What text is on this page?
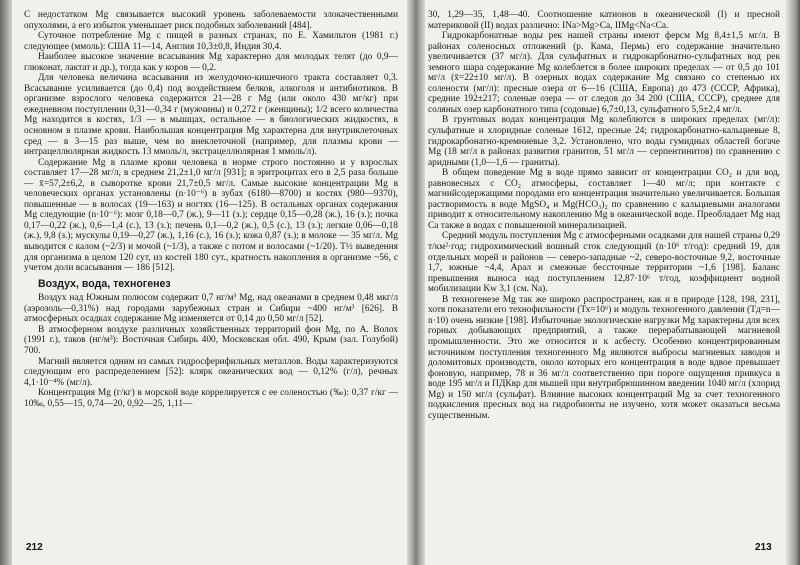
С недостатком Mg связывается высокий уровень заболеваемости злокачественными опухолями, а его избыток уменьшает риск подобных заболеваний [484].

Суточное потребление Mg с пищей в разных странах, по Е. Хамильтон (1981 г.) следующее (ммоль): США 11—14, Англия 10,3±0,8, Индия 30,4.

Наиболее высокое значение всасывания Mg характерно для молодых телят (до 0,9—глюконат, лактат и др.), тогда как у коров — 0,2.

Для человека величина всасывания из желудочно-кишечного тракта составляет 0,3. Всасывание усиливается (до 0,4) под воздействием белков, алкоголя и антибиотиков. В организме взрослого человека содержится 21—28 г Mg (или около 430 мг/кг) при ежедневном поступлении 0,31—0,34 г (мужчины) и 0,272 г (женщины); 1/2 всего количества Mg находится в костях, 1/3 — в мышцах, остальное — в биологических жидкостях, в основном в плазме крови. Наибольшая концентрация Mg характерна для внутриклеточных сред — в 3—15 раз выше, чем во внеклеточной (например, для плазмы крови — интрацеллюлярная жидкость 13 ммоль/л, экстрацеллюлярная 1 ммоль/л).

Содержание Mg в плазме крови человека в норме строго постоянно и у взрослых составляет 17—28 мг/л, в среднем 21,2±1,0 мг/л [931]; в эритроцитах его в 2,5 раза больше — x̄=57,2±6,2, в сыворотке крови 21,7±0,5 мг/л. Самые высокие концентрации Mg в человеческих органах установлены (n·10⁻⁶) в зубах (6180—8700) и костях (980—9370), повышенные — в волосах (19—163) и ногтях (16—125). В остальных органах содержания Mg следующие (n·10⁻⁶): мозг 0,18—0,7 (ж.), 9—11 (з.); сердце 0,15—0,28 (ж.), 16 (з.); почка 0,17—0,22 (ж.), 0,6—1,4 (с.), 13 (з.); печень 0,1—0,2 (ж.), 0,5 (с.), 13 (з.); легкие 0,06—0,18 (ж.), 9,8 (з.); мускулы 0,19—0,27 (ж.), 1,16 (с.), 16 (з.); кожа 0,87 (з.); в молоке — 35 мг/л. Mg выводится с калом (~2/3) и мочой (~1/3), а также с потом и волосами (~1/20). T½ выведения для организма в целом 120 сут, из костей 180 сут., кратность накопления в организме ~56, с учетом доли всасывания — 186 [512].

Воздух, вода, техногенез

Воздух над Южным полюсом содержит 0,7 нг/м³ Mg, над океанами в среднем 0,48 мкг/л (аэрозоль—0,31%) над городами зарубежных стран и Сибири ~400 нг/м³ [626]. В атмосферных осадках содержание Mg изменяется от 0,14 до 0,50 мг/л [52].

В атмосферном воздухе различных хозяйственных территорий фон Mg, по А. Волох (1991 г.), таков (нг/м³): Восточная Сибирь 400, Московская обл. 490, Крым (зал. Голубой) 700.

Магний является одним из самых гидросферифильных металлов. Воды характеризуются следующим его распределением [52]: клярк океанических вод — 0,12% (г/л), речных 4,1·10⁻⁴% (мг/л).

Концентрация Mg (г/кг) в морской воде коррелируется с ее соленостью (‰): 0,37 г/кг — 10‰, 0,55—15, 0,74—20, 0,92—25, 1,11—

212

30, 1,29—35, 1,48—40. Соотношение катионов в океанической (I) и пресной материковой (II) водах различно: INa>Mg>Ca, IIMg<Na<Ca.

Гидрокарбонатные воды рек нашей страны имеют ферсм Mg 8,4±1,5 мг/л. В районах соленосных отложений (р. Кама, Пермь) его содержание значительно увеличивается (37 мг/л). Для сульфатных и гидрокарбонатно-сульфатных вод рек земного шара содержание Mg колеблется в более широких пределах — от 0,5 до 101 мг/л (x̄=22±10 мг/л). В озерных водах содержание Mg связано со степенью их солености (мг/л): пресные озера от 6—16 (США, Европа) до 473 (СССР, Африка), средние 192±217; соленые озера — от следов до 34 200 (США, СССР), среднее для соляных озер карбонатного типа (содовые) 6,7±0,13, сульфатного 5,5±2,4 мг/л.

В грунтовых водах концентрация Mg колеблются в широких пределах (мг/л): сульфатные и хлоридные соленые 1612, пресные 24; гидрокарбонатно-кальциевые 8, гидрокарбонатно-кремниевые 3,2. Установлено, что воды гумидных областей богаче Mg (18 мг/л в районах развития гранитов, 51 мг/л — серпентинитов) по сравнению с аридными (1,0—1,6 — граниты).

В общем поведение Mg в воде прямо зависит от концентрации CO₂ и для вод, равновесных с CO₂ атмосферы, составляет 1—40 мг/л; при контакте с магнийсодержащими породами его концентрация значительно увеличивается. Большая растворимость в воде MgSO₄ и Mg(HCO₃)₂ по сравнению с кальциевыми аналогами приводит к относительному накоплению Mg в океанической воде. Преобладает Mg над Ca также в водах с повышенной минерализацией.

Средний модуль поступления Mg с атмосферными осадками для нашей страны 0,29 т/км²·год; гидрохимический вошный сток следующий (n·10⁶ т/год): средний 19, для отдельных морей и районов — северо-западные ~2, северо-восточные 9,2, восточные 1,7, южные ~4,4, Арал и смежные бессточные территории ~1,6 [198]. Баланс превышения выноса над поступлением 12,87·10⁶ т/год, коэффициент водной мобилизации Kw 3,1 (см. Na).

В техногенезе Mg так же широко распространен, как и в природе [128, 198, 231], хотя показатели его технофильности (Тх=10⁶) и модуль техногенного давления (Тд=n—n·10) очень низкие [198]. Избыточные экологические нагрузки Mg характерны для всех горных добывающих предприятий, а также перерабатывающей магниевой промышленности. Это же относится и к асбесту. Особенно концентрированным источником поступления техногенного Mg являются выбросы магниевых заводов и доломитовых производств, около которых его концентрация в воде вдвое превышает фоновую, например, 78 и 36 мг/л соответственно при пороге ощущения привкуса в воде 195 мг/л и ПДКвр для мышей при внутрибрюшинном введении 1040 мг/л (хлорид Mg) и 150 мг/л (сульфат). Влияние высоких концентраций Mg за счет техногенного подкисления пресных вод на гидробионты не изучено, хотя может оказаться весьма существенным.

213
